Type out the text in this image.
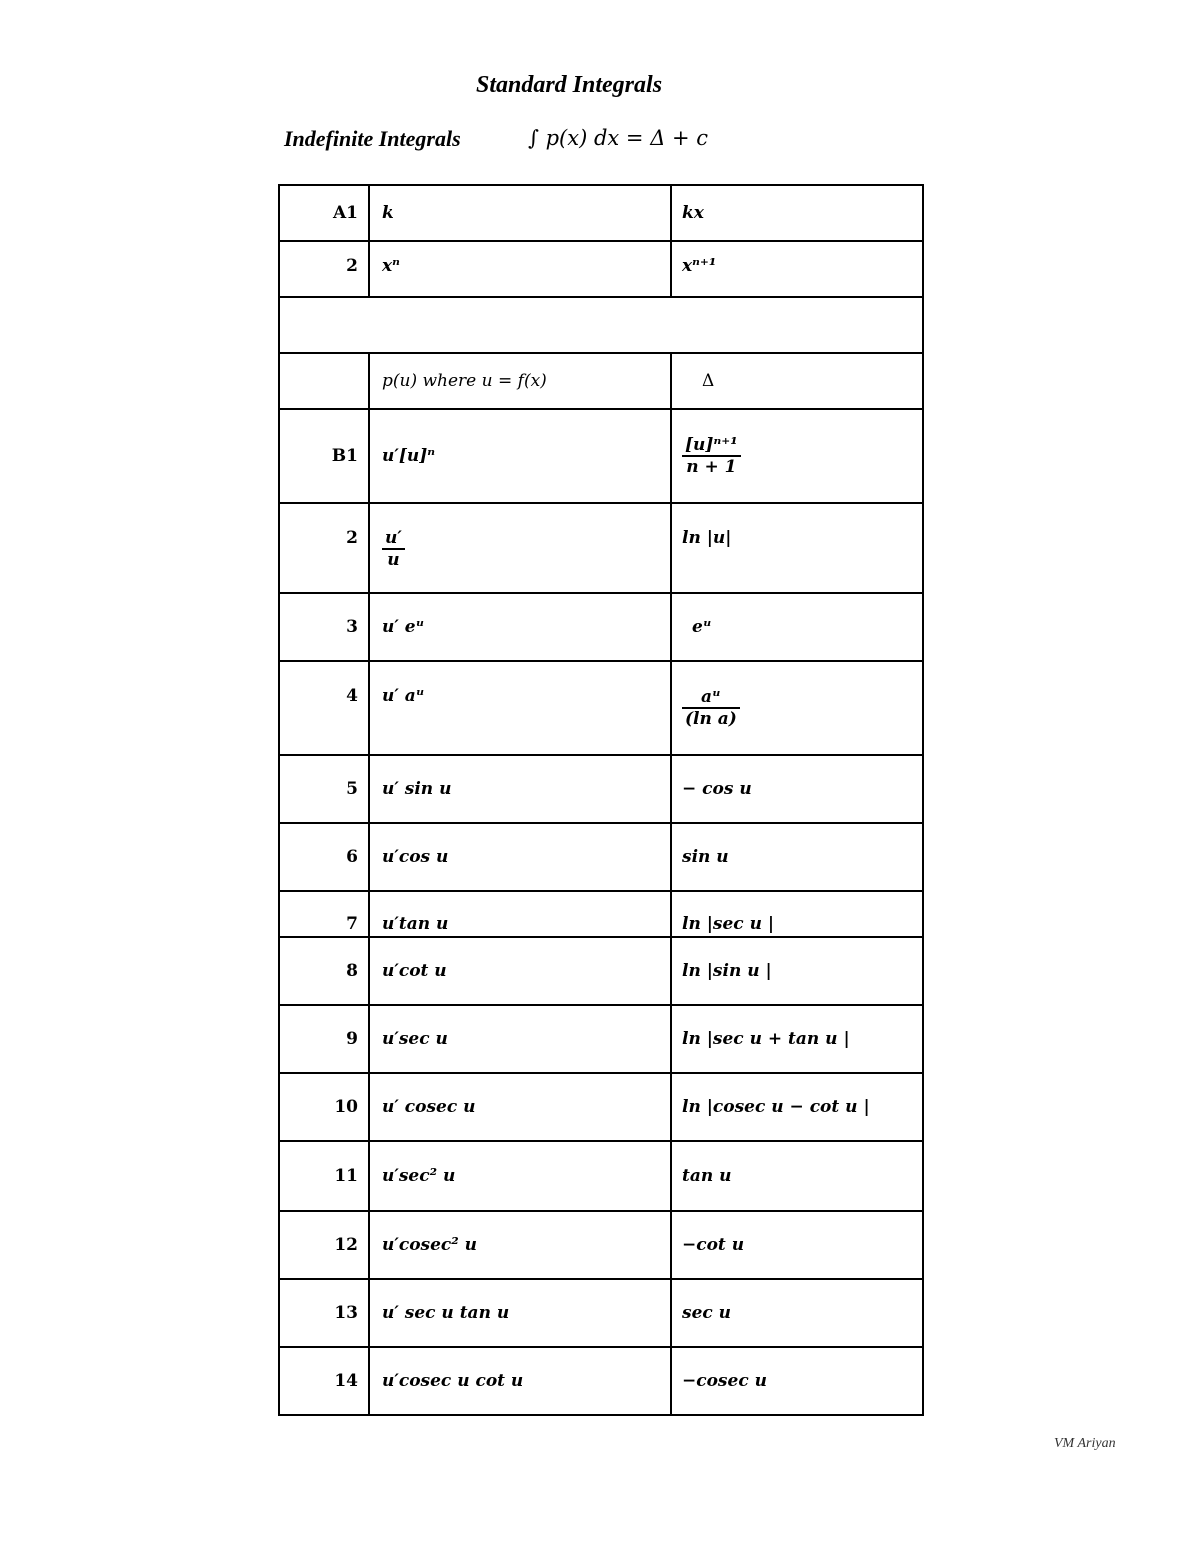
Standard Integrals
Indefinite Integrals	∫ p(x) dx = Δ + c
A1	k	kx
2	xⁿ	xⁿ⁺¹

	p(u) where u = f(x)	Δ
B1	u′[u]ⁿ	$\frac{\text{[u]ⁿ⁺¹}}{n + 1}$

2	$\frac{u'}{u}$	ln |u|
3	u′ eᵘ	eᵘ
4	u′ aᵘ	$\frac{\text{aᵘ}}{\text{(ln a)}}$

5	u′ sin u	− cos u
6	u′cos u	sin u
7	u′tan u	ln |sec u |
8	u′cot u	ln |sin u |
9	u′sec u	ln |sec u + tan u |
10	u′ cosec u	ln |cosec u − cot u |
11	u′sec² u	tan u
12	u′cosec² u	−cot u
13	u′ sec u tan u	sec u
14	u′cosec u cot u	−cosec u
VM Ariyan
